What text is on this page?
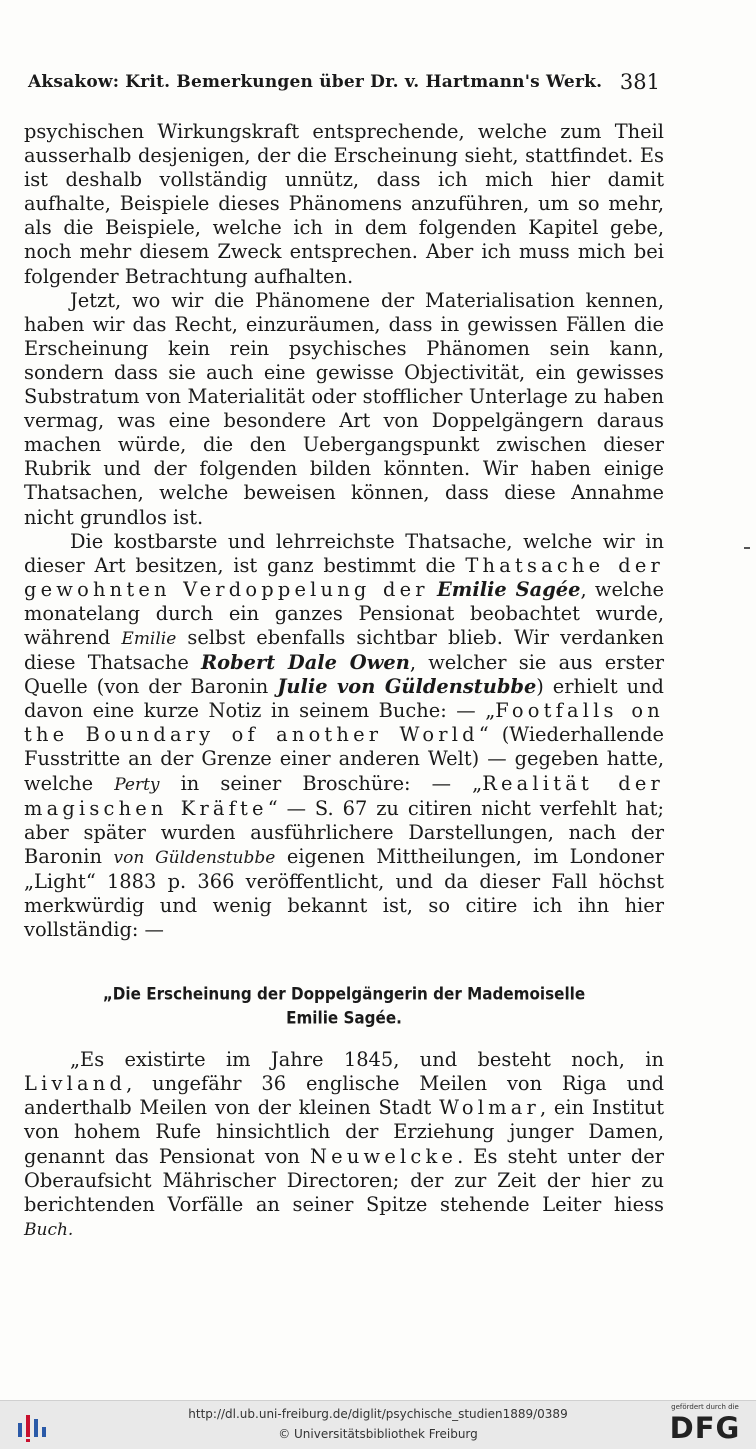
Aksakow: Krit. Bemerkungen über Dr. v. Hartmann's Werk. 381

psychischen Wirkungskraft entsprechende, welche zum Theil ausserhalb desjenigen, der die Erscheinung sieht, stattfindet. Es ist deshalb vollständig unnütz, dass ich mich hier damit aufhalte, Beispiele dieses Phänomens anzuführen, um so mehr, als die Beispiele, welche ich in dem folgenden Kapitel gebe, noch mehr diesem Zweck entsprechen. Aber ich muss mich bei folgender Betrachtung aufhalten.

Jetzt, wo wir die Phänomene der Materialisation kennen, haben wir das Recht, einzuräumen, dass in gewissen Fällen die Erscheinung kein rein psychisches Phänomen sein kann, sondern dass sie auch eine gewisse Objectivität, ein gewisses Substratum von Materialität oder stofflicher Unterlage zu haben vermag, was eine besondere Art von Doppelgängern daraus machen würde, die den Uebergangspunkt zwischen dieser Rubrik und der folgenden bilden könnten. Wir haben einige Thatsachen, welche beweisen können, dass diese Annahme nicht grundlos ist.

Die kostbarste und lehrreichste Thatsache, welche wir in dieser Art besitzen, ist ganz bestimmt die Thatsache der gewohnten Verdoppelung der Emilie Sagée, welche monatelang durch ein ganzes Pensionat beobachtet wurde, während Emilie selbst ebenfalls sichtbar blieb. Wir verdanken diese Thatsache Robert Dale Owen, welcher sie aus erster Quelle (von der Baronin Julie von Güldenstubbe) erhielt und davon eine kurze Notiz in seinem Buche: — „Footfalls on the Boundary of another World“ (Wiederhallende Fusstritte an der Grenze einer anderen Welt) — gegeben hatte, welche Perty in seiner Broschüre: — „Realität der magischen Kräfte“ — S. 67 zu citiren nicht verfehlt hat; aber später wurden ausführlichere Darstellungen, nach der Baronin von Güldenstubbe eigenen Mittheilungen, im Londoner „Light“ 1883 p. 366 veröffentlicht, und da dieser Fall höchst merkwürdig und wenig bekannt ist, so citire ich ihn hier vollständig: —

„Die Erscheinung der Doppelgängerin der Mademoiselle
Emilie Sagée.

„Es existirte im Jahre 1845, und besteht noch, in Livland, ungefähr 36 englische Meilen von Riga und anderthalb Meilen von der kleinen Stadt Wolmar, ein Institut von hohem Rufe hinsichtlich der Erziehung junger Damen, genannt das Pensionat von Neuwelcke. Es steht unter der Oberaufsicht Mährischer Directoren; der zur Zeit der hier zu berichtenden Vorfälle an seiner Spitze stehende Leiter hiess Buch.

http://dl.ub.uni-freiburg.de/diglit/psychische_studien1889/0389
© Universitätsbibliothek Freiburg
gefördert durch die
DFG
